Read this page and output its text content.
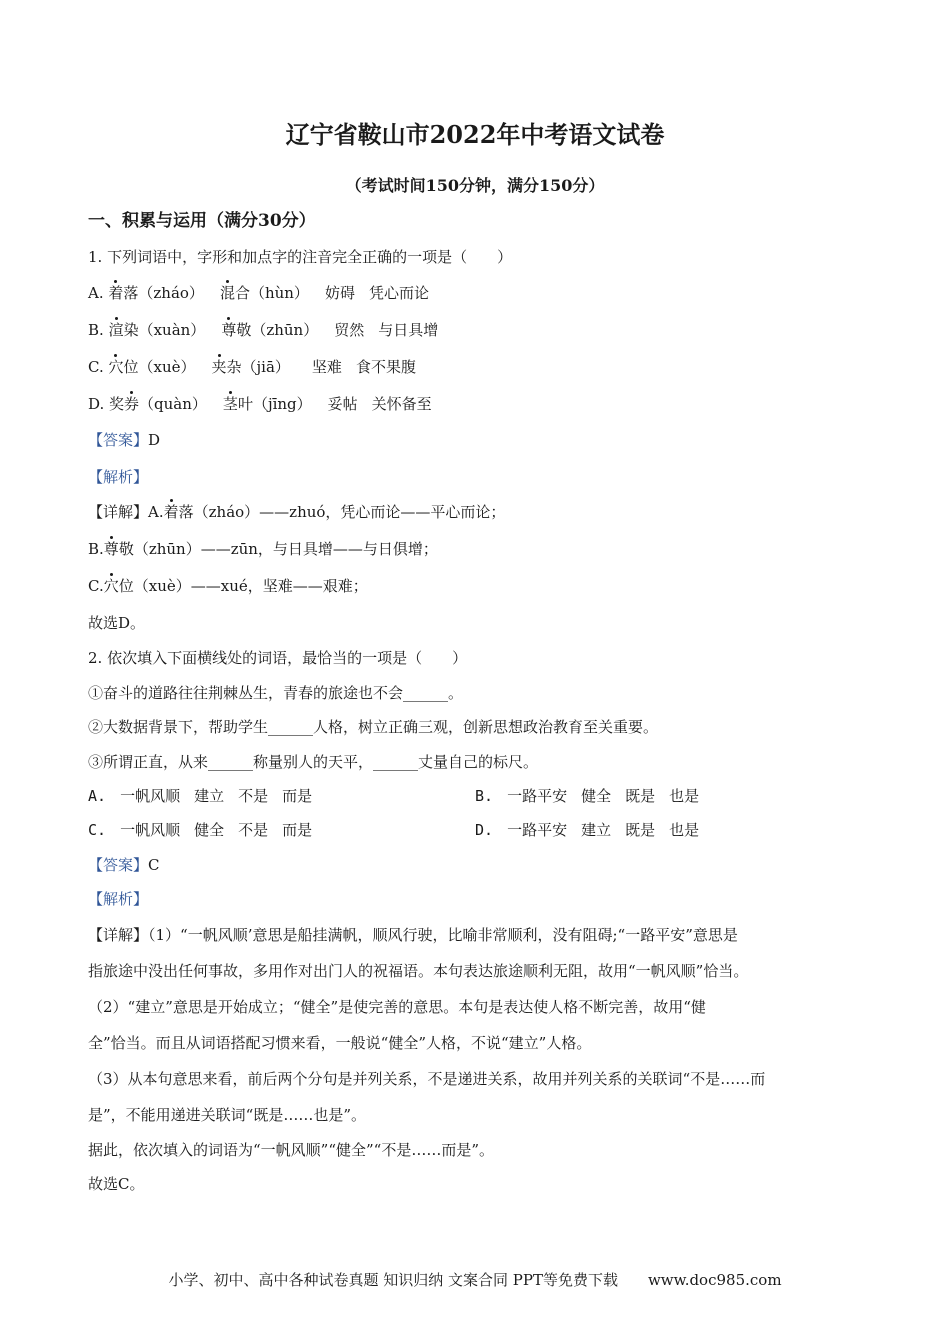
辽宁省鞍山市2022年中考语文试卷
（考试时间150分钟，满分150分）
一、积累与运用（满分30分）
1. 下列词语中，字形和加点字的注音完全正确的一项是（　　）
A. 着落（zháo） 混合（hùn） 妨碍 凭心而论
B. 渲染（xuàn） 尊敬（zhūn） 贸然 与日具增
C. 穴位（xuè） 夹杂（jiā） 坚难 食不果腹
D. 奖券（quàn） 茎叶（jīng） 妥帖 关怀备至
【答案】D
【解析】
【详解】A.着落（zháo）——zhuó，凭心而论——平心而论；
B.尊敬（zhūn）——zūn，与日具增——与日俱增；
C.穴位（xuè）——xué，坚难——艰难；
故选D。
2. 依次填入下面横线处的词语，最恰当的一项是（　　）
①奋斗的道路往往荆棘丛生，青春的旅途也不会______。
②大数据背景下，帮助学生______人格，树立正确三观，创新思想政治教育至关重要。
③所谓正直，从来______称量别人的天平，______丈量自己的标尺。
A. 一帆风顺 建立 不是 而是	B. 一路平安 健全 既是 也是
C. 一帆风顺 健全 不是 而是	D. 一路平安 建立 既是 也是
【答案】C
【解析】
【详解】（1）“一帆风顺’意思是船挂满帆，顺风行驶，比喻非常顺利，没有阻碍;“一路平安”意思是
指旅途中没出任何事故，多用作对出门人的祝福语。本句表达旅途顺利无阻，故用“一帆风顺”恰当。
（2）“建立”意思是开始成立；“健全”是使完善的意思。本句是表达使人格不断完善，故用“健
全”恰当。而且从词语搭配习惯来看，一般说“健全”人格，不说“建立”人格。
（3）从本句意思来看，前后两个分句是并列关系，不是递进关系，故用并列关系的关联词“不是……而
是”，不能用递进关联词“既是……也是”。
据此，依次填入的词语为“一帆风顺”“健全”“不是……而是”。
故选C。
小学、初中、高中各种试卷真题 知识归纳 文案合同 PPT等免费下载　　www.doc985.com
